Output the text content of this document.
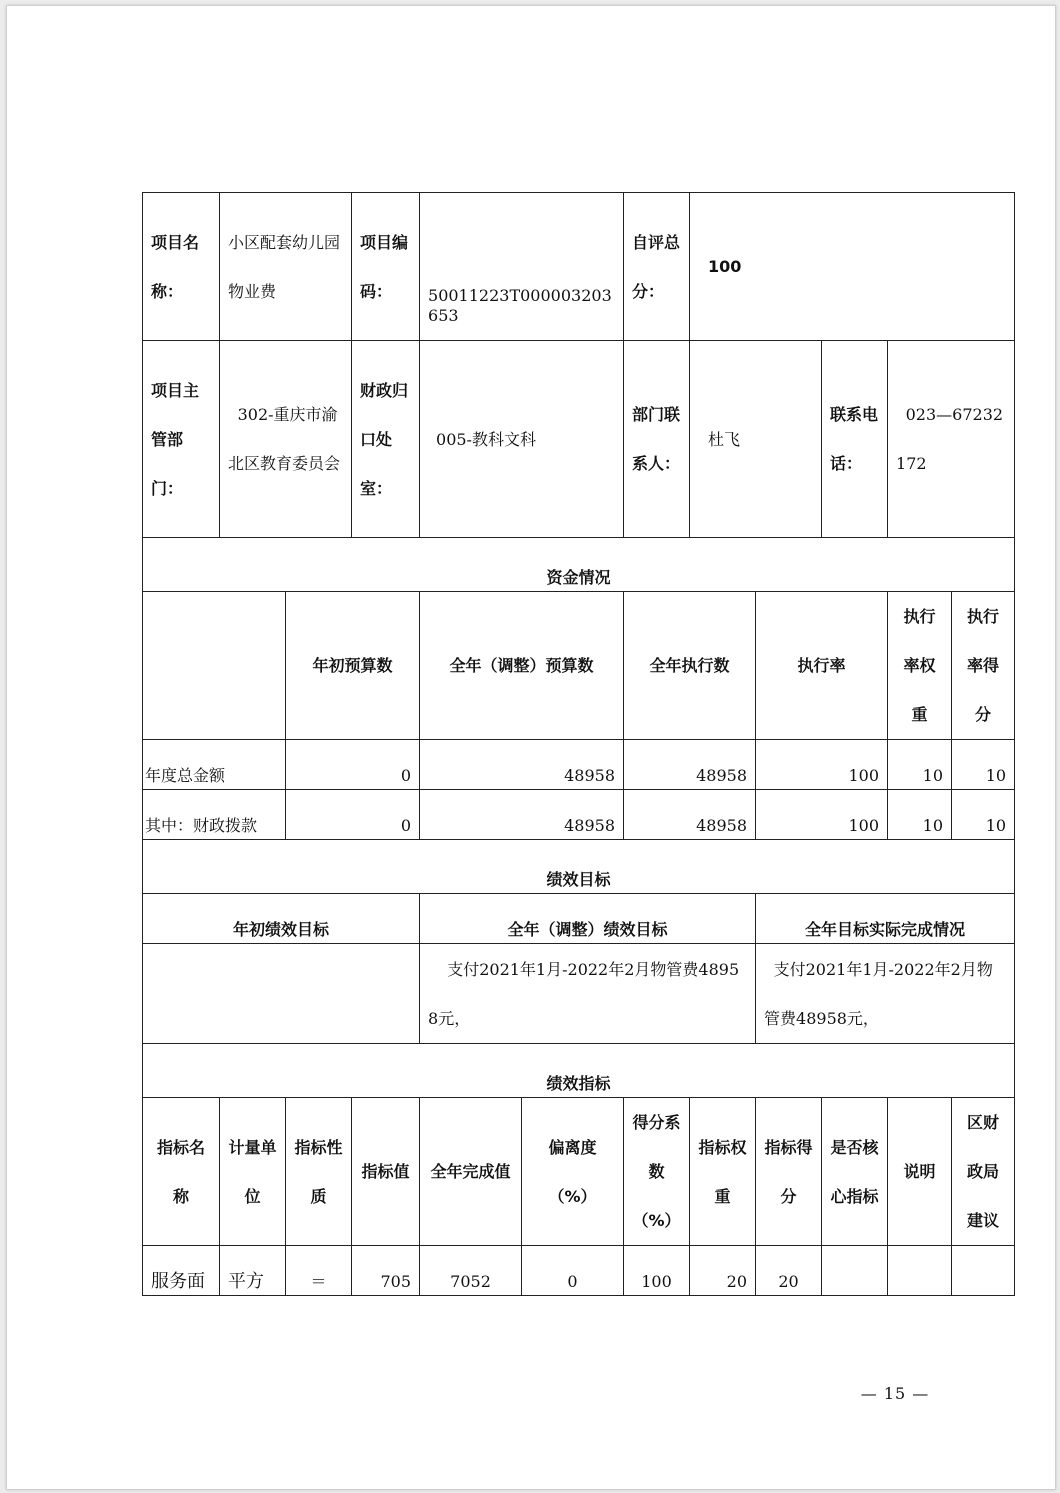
项目名称：	小区配套幼儿园物业费		项目编码：	50011223T000003203653		自评总分：	100				
项目主管部门：	302-重庆市渝北区教育委员会		财政归口处室：	005-教科文科		部门联系人：	杜飞		联系电话：	023—67232172	
资金情况											
		年初预算数		全年（调整）预算数		全年执行数		执行率		执行率权重	执行率得分
年度总金额		0		48958		48958		100		10	10
其中：财政拨款		0		48958		48958		100		10	10
绩效目标											
年初绩效目标				全年（调整）绩效目标				全年目标实际完成情况			
				支付2021年1月-2022年2月物管费48958元，				支付2021年1月-2022年2月物管费48958元，			
绩效指标											
指标名称	计量单位	指标性质	指标值	全年完成值	偏离度（%）	得分系数（%）	指标权重	指标得分	是否核心指标	说明	区财政局建议
服务面	平方	＝	705	7052	0	100	20	20			
— 15 —
